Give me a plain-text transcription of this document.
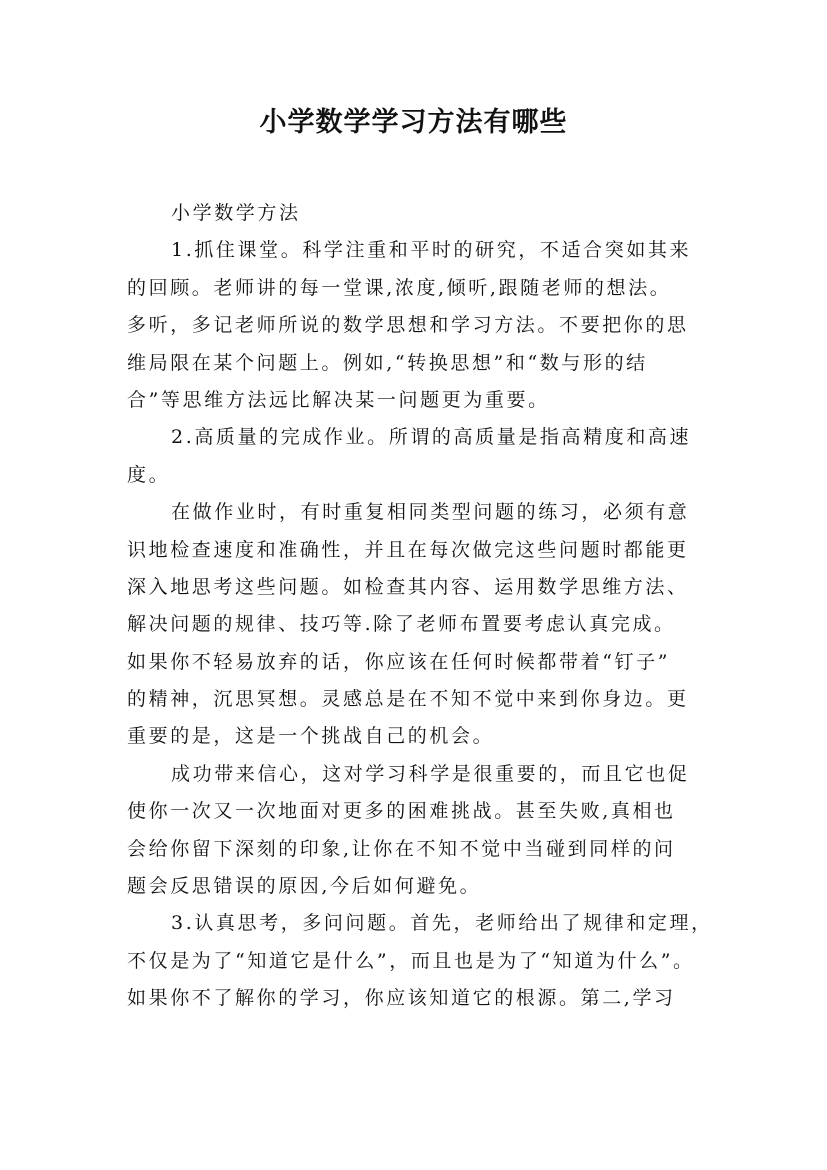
小学数学学习方法有哪些
小学数学方法
1.抓住课堂。科学注重和平时的研究，不适合突如其来
的回顾。老师讲的每一堂课,浓度,倾听,跟随老师的想法。
多听，多记老师所说的数学思想和学习方法。不要把你的思
维局限在某个问题上。例如,“转换思想”和“数与形的结
合”等思维方法远比解决某一问题更为重要。
2.高质量的完成作业。所谓的高质量是指高精度和高速
度。
在做作业时，有时重复相同类型问题的练习，必须有意
识地检查速度和准确性，并且在每次做完这些问题时都能更
深入地思考这些问题。如检查其内容、运用数学思维方法、
解决问题的规律、技巧等.除了老师布置要考虑认真完成。
如果你不轻易放弃的话，你应该在任何时候都带着“钉子”
的精神，沉思冥想。灵感总是在不知不觉中来到你身边。更
重要的是，这是一个挑战自己的机会。
成功带来信心，这对学习科学是很重要的，而且它也促
使你一次又一次地面对更多的困难挑战。甚至失败,真相也
会给你留下深刻的印象,让你在不知不觉中当碰到同样的问
题会反思错误的原因,今后如何避免。
3.认真思考，多问问题。首先，老师给出了规律和定理，
不仅是为了“知道它是什么”，而且也是为了“知道为什么”。
如果你不了解你的学习，你应该知道它的根源。第二,学习
